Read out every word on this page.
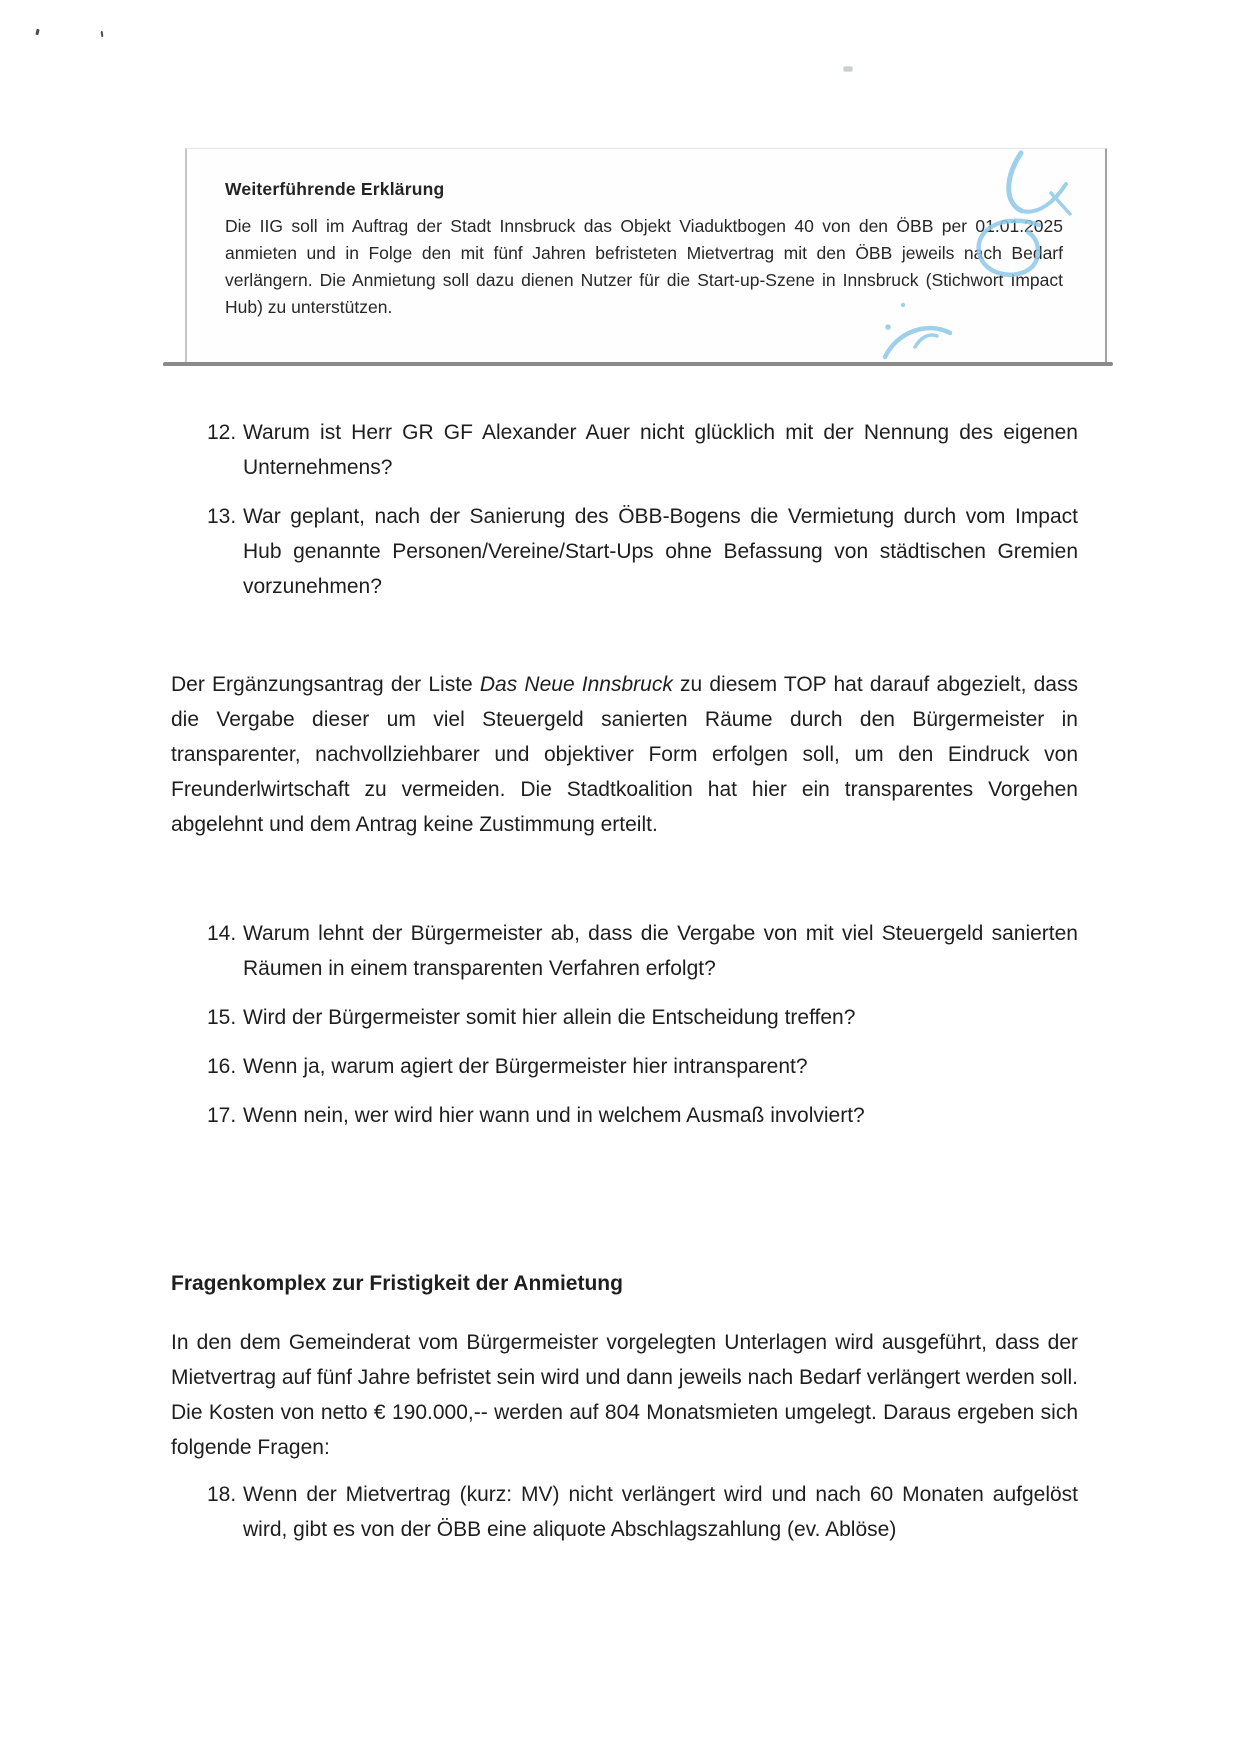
Weiterführende Erklärung

Die IIG soll im Auftrag der Stadt Innsbruck das Objekt Viaduktbogen 40 von den ÖBB per 01.01.2025 anmieten und in Folge den mit fünf Jahren befristeten Mietvertrag mit den ÖBB jeweils nach Bedarf verlängern. Die Anmietung soll dazu dienen Nutzer für die Start-up-Szene in Innsbruck (Stichwort Impact Hub) zu unterstützen.

12. Warum ist Herr GR GF Alexander Auer nicht glücklich mit der Nennung des eigenen Unternehmens?
13. War geplant, nach der Sanierung des ÖBB-Bogens die Vermietung durch vom Impact Hub genannte Personen/Vereine/Start-Ups ohne Befassung von städtischen Gremien vorzunehmen?
Der Ergänzungsantrag der Liste Das Neue Innsbruck zu diesem TOP hat darauf abgezielt, dass die Vergabe dieser um viel Steuergeld sanierten Räume durch den Bürgermeister in transparenter, nachvollziehbarer und objektiver Form erfolgen soll, um den Eindruck von Freunderlwirtschaft zu vermeiden. Die Stadtkoalition hat hier ein transparentes Vorgehen abgelehnt und dem Antrag keine Zustimmung erteilt.
14. Warum lehnt der Bürgermeister ab, dass die Vergabe von mit viel Steuergeld sanierten Räumen in einem transparenten Verfahren erfolgt?
15. Wird der Bürgermeister somit hier allein die Entscheidung treffen?
16. Wenn ja, warum agiert der Bürgermeister hier intransparent?
17. Wenn nein, wer wird hier wann und in welchem Ausmaß involviert?
Fragenkomplex zur Fristigkeit der Anmietung
In den dem Gemeinderat vom Bürgermeister vorgelegten Unterlagen wird ausgeführt, dass der Mietvertrag auf fünf Jahre befristet sein wird und dann jeweils nach Bedarf verlängert werden soll. Die Kosten von netto € 190.000,-- werden auf 804 Monatsmieten umgelegt. Daraus ergeben sich folgende Fragen:
18. Wenn der Mietvertrag (kurz: MV) nicht verlängert wird und nach 60 Monaten aufgelöst wird, gibt es von der ÖBB eine aliquote Abschlagszahlung (ev. Ablöse)
